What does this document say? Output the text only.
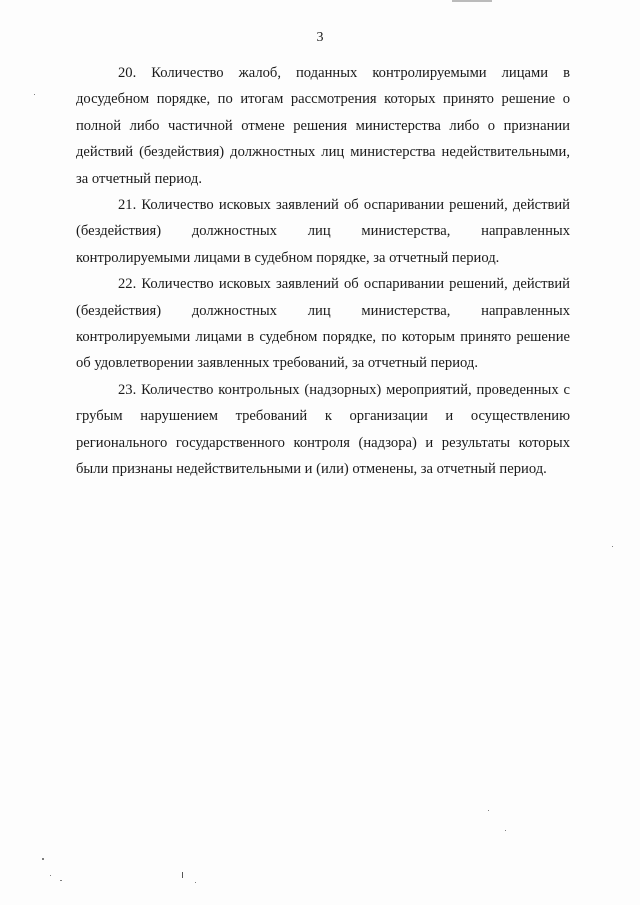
3

20. Количество жалоб, поданных контролируемыми лицами в досудебном порядке, по итогам рассмотрения которых принято решение о полной либо частичной отмене решения министерства либо о признании действий (бездействия) должностных лиц министерства недействительными, за отчетный период.

21. Количество исковых заявлений об оспаривании решений, действий (бездействия) должностных лиц министерства, направленных контролируемыми лицами в судебном порядке, за отчетный период.

22. Количество исковых заявлений об оспаривании решений, действий (бездействия) должностных лиц министерства, направленных контролируемыми лицами в судебном порядке, по которым принято решение об удовлетворении заявленных требований, за отчетный период.

23. Количество контрольных (надзорных) мероприятий, проведенных с грубым нарушением требований к организации и осуществлению регионального государственного контроля (надзора) и результаты которых были признаны недействительными и (или) отменены, за отчетный период.
